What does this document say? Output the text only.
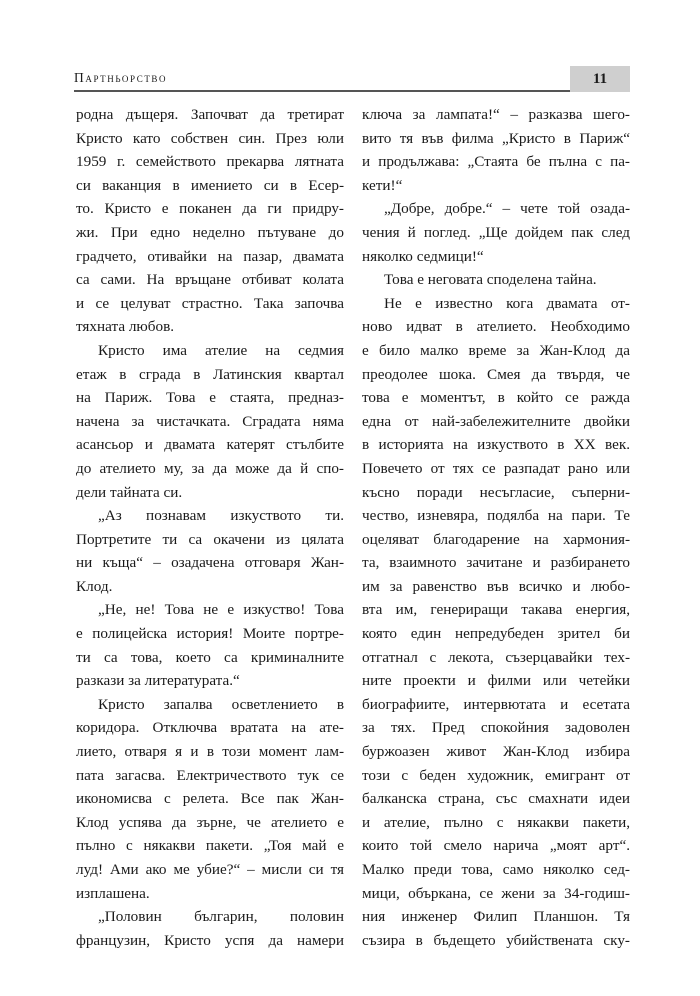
Партньорство	11
родна дъщеря. Започват да третират
Кристо като собствен син. През юли
1959 г. семейството прекарва лятната
си ваканция в имението си в Есер-
то. Кристо е поканен да ги придру-
жи. При едно неделно пътуване до
градчето, отивайки на пазар, двамата
са сами. На връщане отбиват колата
и се целуват страстно. Така започва
тяхната любов.
Кристо има ателие на седмия
етаж в сграда в Латинския квартал
на Париж. Това е стаята, предназ-
начена за чистачката. Сградата няма
асансьор и двамата катерят стълбите
до ателието му, за да може да й спо-
дели тайната си.
„Аз познавам изкуството ти.
Портретите ти са окачени из цялата
ни къща“ – озадачена отговаря Жан-
Клод.
„Не, не! Това не е изкуство! Това
е полицейска история! Моите портре-
ти са това, което са криминалните
разкази за литературата.“
Кристо запалва осветлението в
коридора. Отключва вратата на ате-
лието, отваря я и в този момент лам-
пата загасва. Електричеството тук се
икономисва с релета. Все пак Жан-
Клод успява да зърне, че ателието е
пълно с някакви пакети. „Тоя май е
луд! Ами ако ме убие?“ – мисли си тя
изплашена.
„Половин българин, половин
французин, Кристо успя да намери
ключа за лампата!“ – разказва шего-
вито тя във филма „Кристо в Париж“
и продължава: „Стаята бе пълна с па-
кети!“
„Добре, добре.“ – чете той озада-
чения й поглед. „Ще дойдем пак след
няколко седмици!“
Това е неговата споделена тайна.
Не е известно кога двамата от-
ново идват в ателието. Необходимо
е било малко време за Жан-Клод да
преодолее шока. Смея да твърдя, че
това е моментът, в който се ражда
една от най-забележителните двойки
в историята на изкуството в XX век.
Повечето от тях се разпадат рано или
късно поради несъгласие, съперни-
чество, изневяра, подялба на пари. Те
оцеляват благодарение на хармония-
та, взаимното зачитане и разбирането
им за равенство във всичко и любо-
вта им, генериращи такава енергия,
която един непредубеден зрител би
отгатнал с лекота, съзерцавайки тех-
ните проекти и филми или четейки
биографиите, интервютата и есетата
за тях. Пред спокойния задоволен
буржоазен живот Жан-Клод избира
този с беден художник, емигрант от
балканска страна, със смахнати идеи
и ателие, пълно с някакви пакети,
които той смело нарича „моят арт“.
Малко преди това, само няколко сед-
мици, объркана, се жени за 34-годиш-
ния инженер Филип Планшон. Тя
съзира в бъдещето убийствената ску-
